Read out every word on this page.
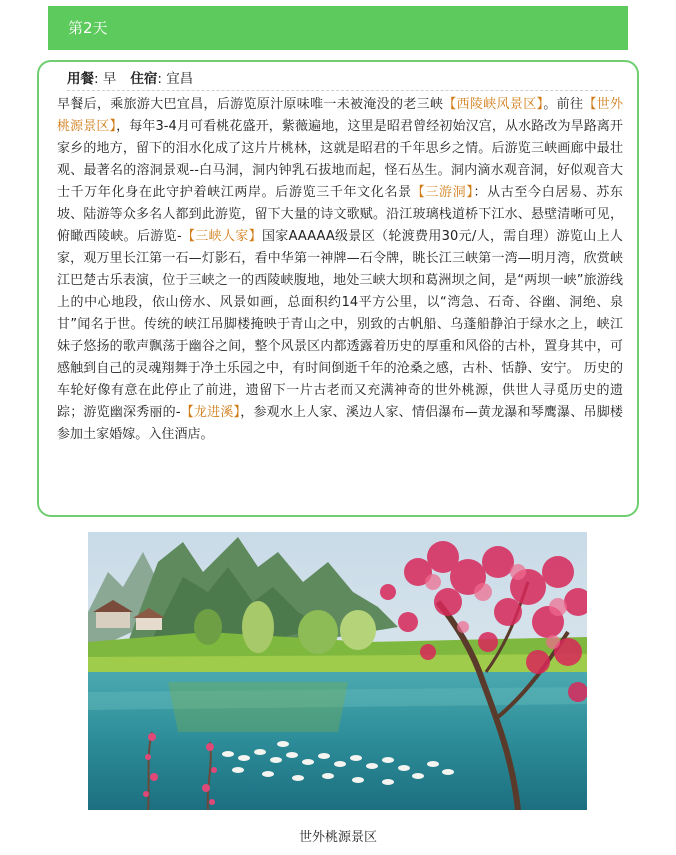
第2天
用餐: 早 住宿: 宜昌

早餐后，乘旅游大巴宜昌，后游览原汁原味唯一未被淹没的老三峡【西陵峡风景区】。前往【世外桃源景区】，每年3-4月可看桃花盛开，紫薇遍地，这里是昭君曾经初始汉宫，从水路改为旱路离开家乡的地方，留下的泪水化成了这片片桃林，这就是昭君的千年思乡之情。后游览三峡画廊中最壮观、最著名的溶洞景观--白马洞，洞内钟乳石拔地而起，怪石丛生。洞内滴水观音洞，好似观音大士千万年化身在此守护着峡江两岸。后游览三千年文化名景【三游洞】：从古至今白居易、苏东坡、陆游等众多名人都到此游览，留下大量的诗文歌赋。沿江玻璃栈道桥下江水、悬壁清晰可见，俯瞰西陵峡。后游览-【三峡人家】国家AAAAA级景区（轮渡费用30元/人，需自理）游览山上人家，观万里长江第一石—灯影石，看中华第一神牌—石令牌，眺长江三峡第一湾—明月湾，欣赏峡江巴楚古乐表演，位于三峡之一的西陵峡腹地，地处三峡大坝和葛洲坝之间，是“两坝一峡”旅游线上的中心地段，依山傍水、风景如画，总面积约14平方公里，以“湾急、石奇、谷幽、洞绝、泉甘”闻名于世。传统的峡江吊脚楼掩映于青山之中，别致的古帆船、乌蓬船静泊于绿水之上，峡江妹子悠扬的歌声飘荡于幽谷之间，整个风景区内都透露着历史的厚重和风俗的古朴，置身其中，可感触到自己的灵魂翔舞于净土乐园之中，有时间倒逝千年的沧桑之感，古朴、恬静、安宁。 历史的车轮好像有意在此停止了前进，遗留下一片古老而又充满神奇的世外桃源，供世人寻觅历史的遗踪；游览幽深秀丽的-【龙进溪】，参观水上人家、溪边人家、情侣瀑布—黄龙瀑和琴鹰瀑、吊脚楼参加土家婚嫁。入住酒店。

世外桃源景区
